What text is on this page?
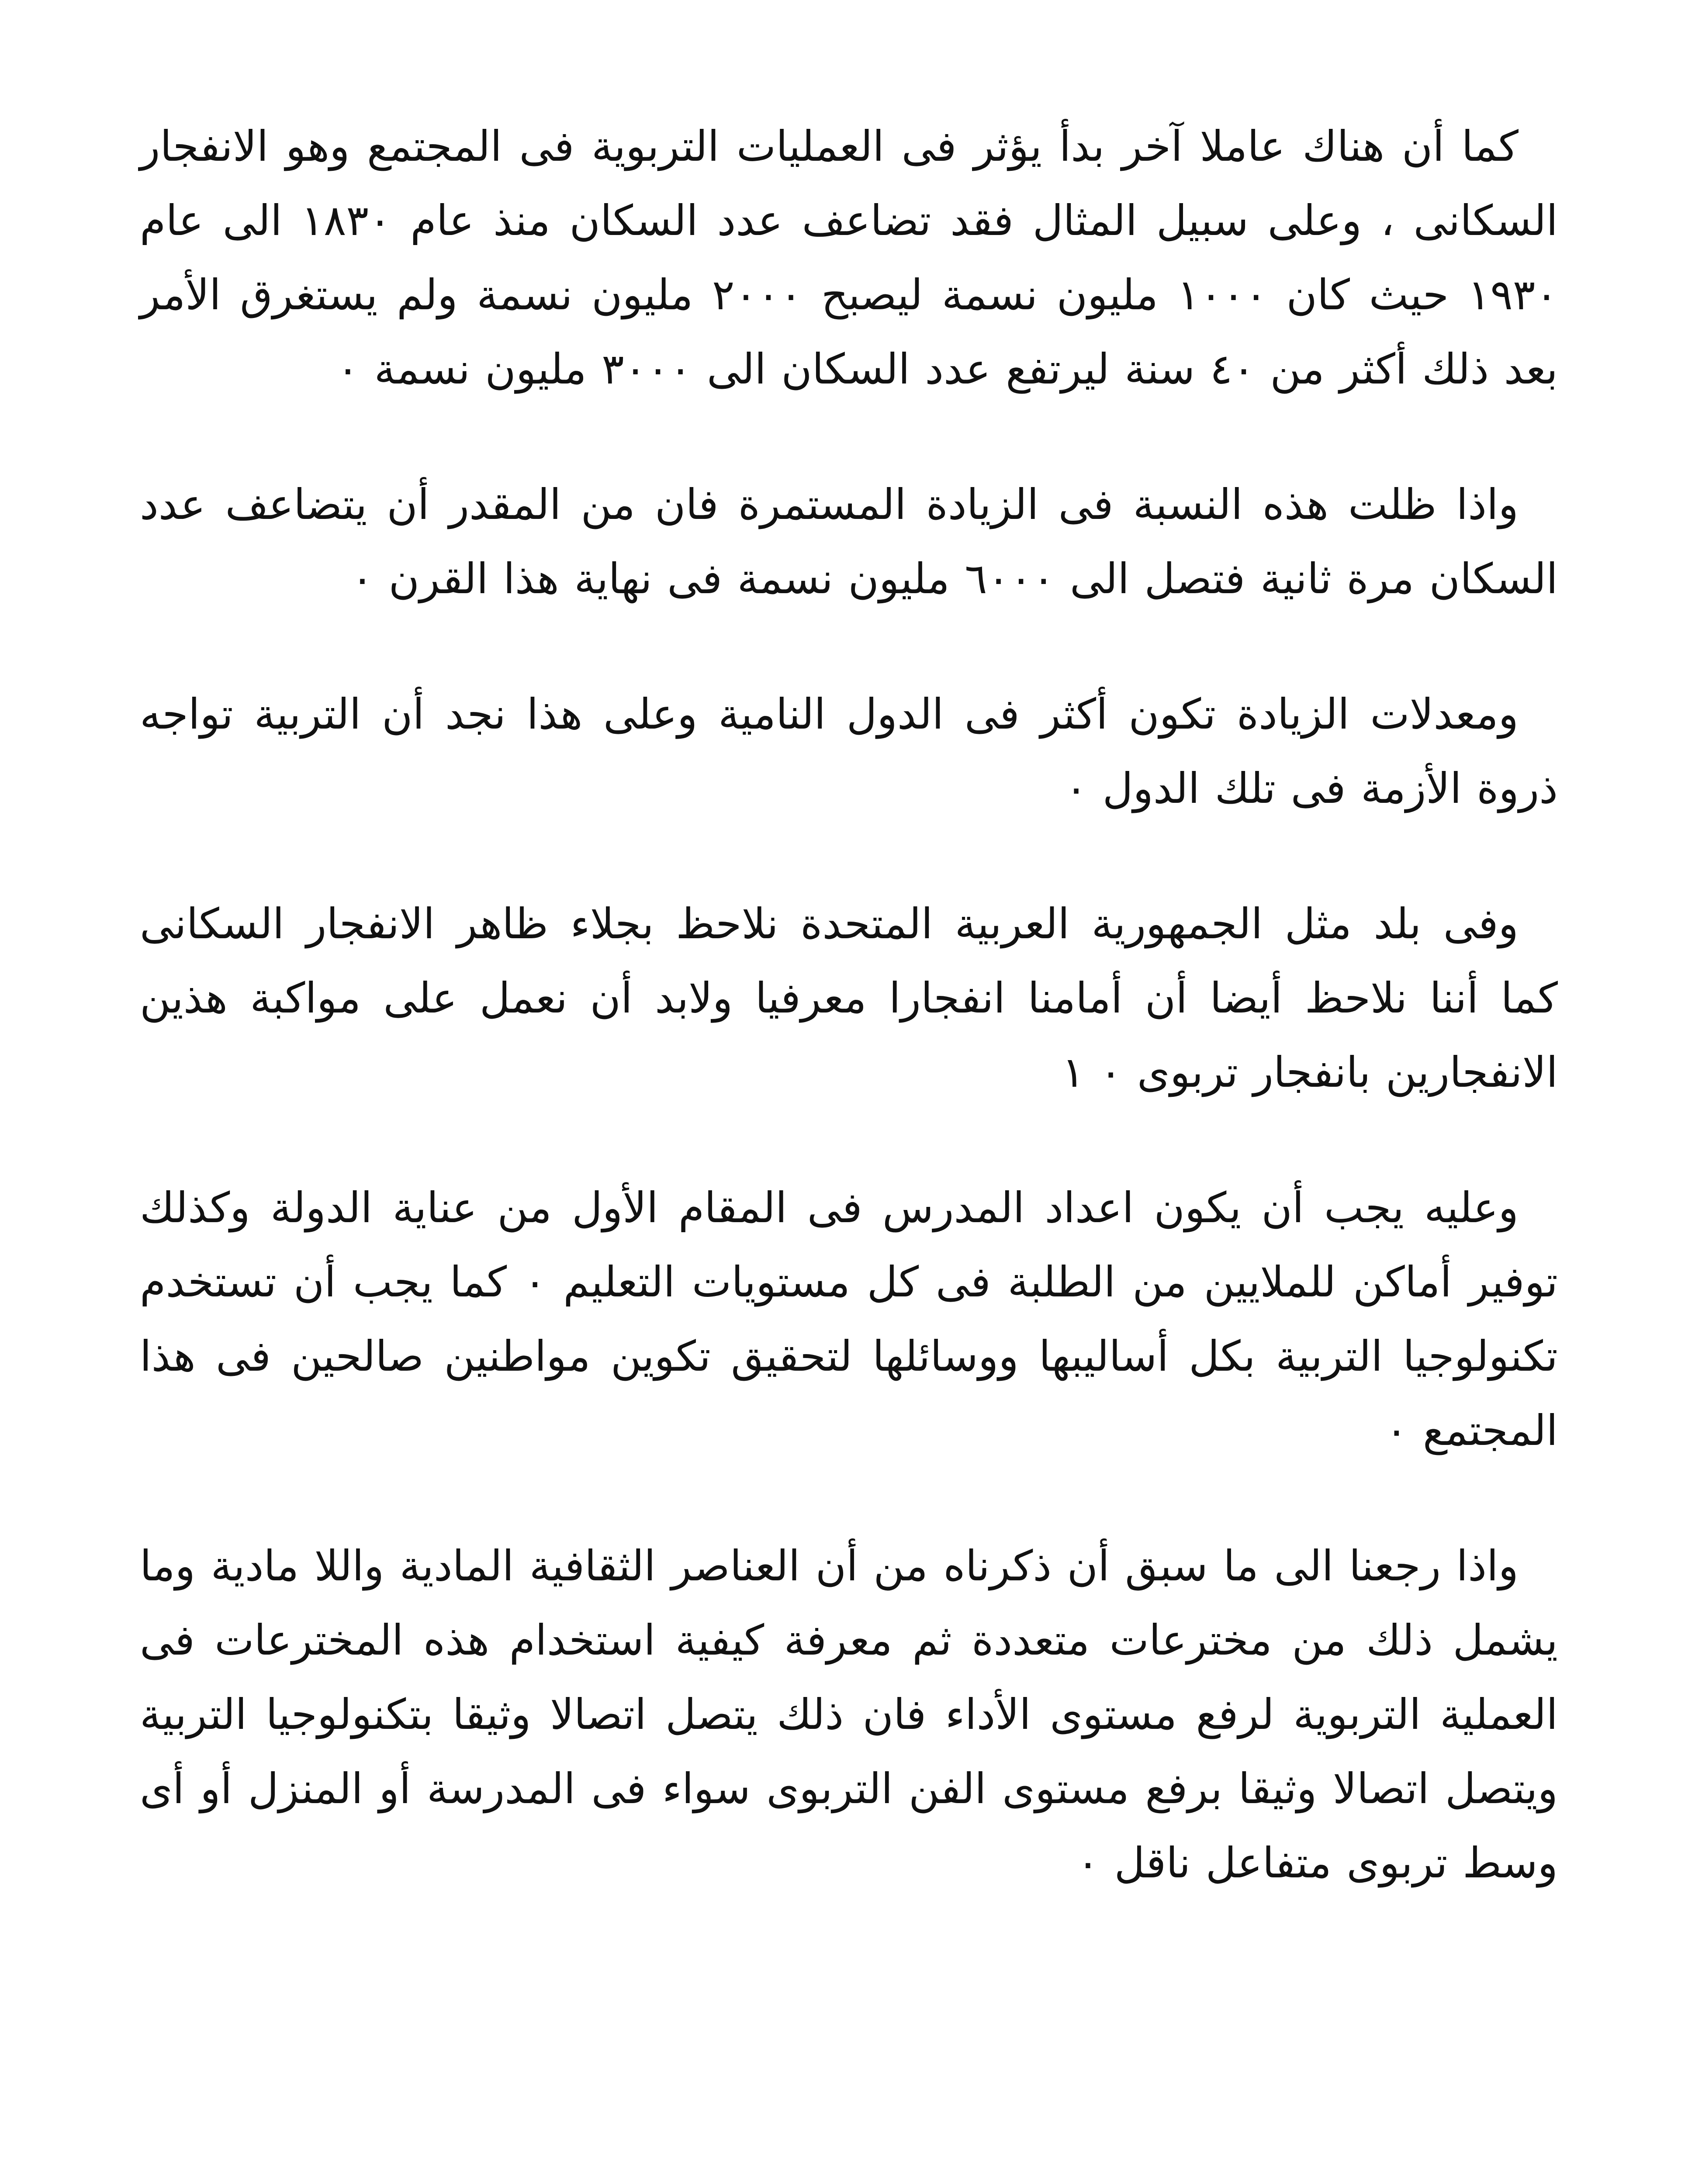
كما أن هناك عاملا آخر بدأ يؤثر فى العمليات التربوية فى المجتمع وهو الانفجار السكانى ، وعلى سبيل المثال فقد تضاعف عدد السكان منذ عام ١٨٣٠ الى عام ١٩٣٠ حيث كان ١٠٠٠ مليون نسمة ليصبح ٢٠٠٠ مليون نسمة ولم يستغرق الأمر بعد ذلك أكثر من ٤٠ سنة ليرتفع عدد السكان الى ٣٠٠٠ مليون نسمة ٠

واذا ظلت هذه النسبة فى الزيادة المستمرة فان من المقدر أن يتضاعف عدد السكان مرة ثانية فتصل الى ٦٠٠٠ مليون نسمة فى نهاية هذا القرن ٠

ومعدلات الزيادة تكون أكثر فى الدول النامية وعلى هذا نجد أن التربية تواجه ذروة الأزمة فى تلك الدول ٠

وفى بلد مثل الجمهورية العربية المتحدة نلاحظ بجلاء ظاهر الانفجار السكانى كما أننا نلاحظ أيضا أن أمامنا انفجارا معرفيا ولابد أن نعمل على مواكبة هذين الانفجارين بانفجار تربوى ٠ ١

وعليه يجب أن يكون اعداد المدرس فى المقام الأول من عناية الدولة وكذلك توفير أماكن للملايين من الطلبة فى كل مستويات التعليم ٠ كما يجب أن تستخدم تكنولوجيا التربية بكل أساليبها ووسائلها لتحقيق تكوين مواطنين صالحين فى هذا المجتمع ٠

واذا رجعنا الى ما سبق أن ذكرناه من أن العناصر الثقافية المادية واللا مادية وما يشمل ذلك من مخترعات متعددة ثم معرفة كيفية استخدام هذه المخترعات فى العملية التربوية لرفع مستوى الأداء فان ذلك يتصل اتصالا وثيقا بتكنولوجيا التربية ويتصل اتصالا وثيقا برفع مستوى الفن التربوى سواء فى المدرسة أو المنزل أو أى وسط تربوى متفاعل ناقل ٠
